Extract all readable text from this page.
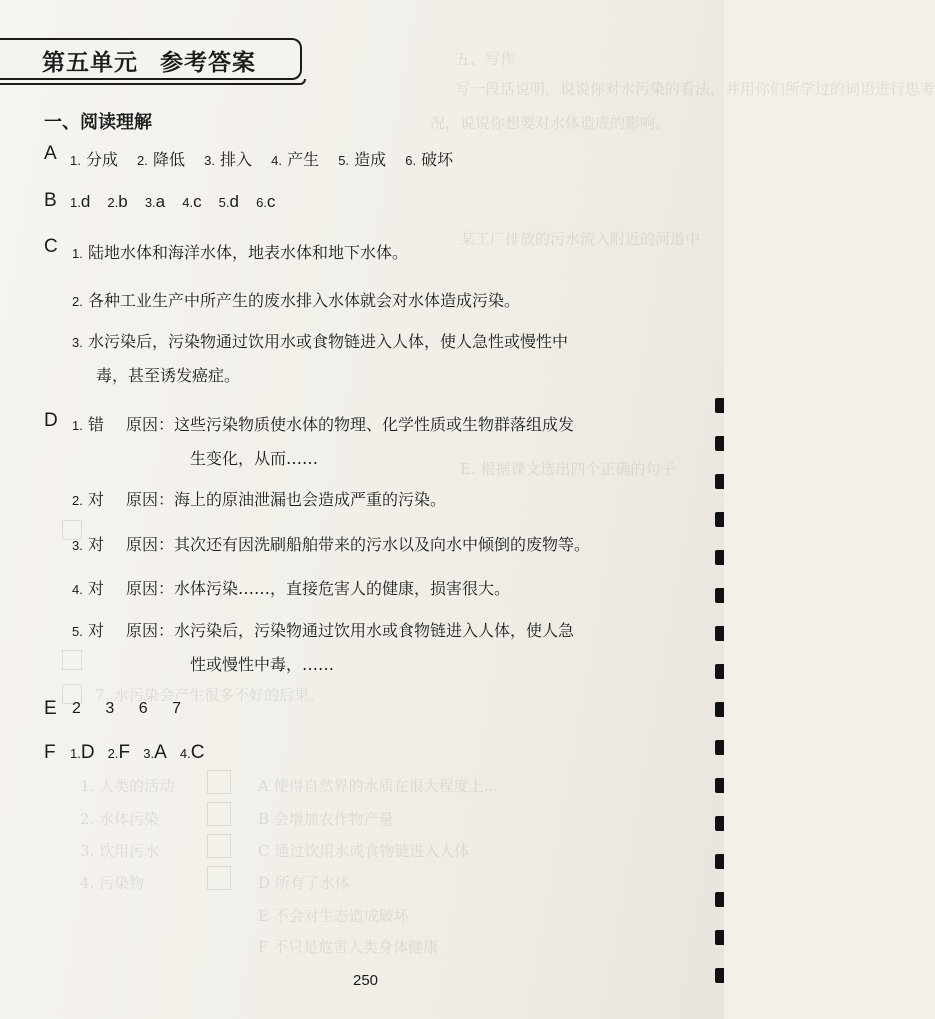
五、写作
写一段话说明，说说你对水污染的看法，并用你们所学过的词语进行思考
况，说说你想要对水体造成的影响。
某工厂排放的污水流入附近的河道中
E. 根据课文选出四个正确的句子
7. 水污染会产生很多不好的后果。
1. 人类的活动
2. 水体污染
3. 饮用污水
4. 污染物
A 使得自然界的水质在很大程度上...
B 会增加农作物产量
C 通过饮用水或食物链进入人体
D 所有了水体
E 不会对生态造成破坏
F 不只是危害人类身体健康
第五单元 参考答案
一、阅读理解
A 1. 分成 2. 降低 3. 排入 4. 产生 5. 造成 6. 破坏
B 1.d 2.b 3.a 4.c 5.d 6.c
C 1. 陆地水体和海洋水体，地表水体和地下水体。
2. 各种工业生产中所产生的废水排入水体就会对水体造成污染。
3. 水污染后，污染物通过饮用水或食物链进入人体，使人急性或慢性中
毒，甚至诱发癌症。
D 1. 错 原因：这些污染物质使水体的物理、化学性质或生物群落组成发
生变化，从而……
2. 对 原因：海上的原油泄漏也会造成严重的污染。
3. 对 原因：其次还有因洗刷船舶带来的污水以及向水中倾倒的废物等。
4. 对 原因：水体污染……，直接危害人的健康，损害很大。
5. 对 原因：水污染后，污染物通过饮用水或食物链进入人体，使人急
性或慢性中毒，……
E 2 3 6 7
F 1.D 2.F 3.A 4.C
250
